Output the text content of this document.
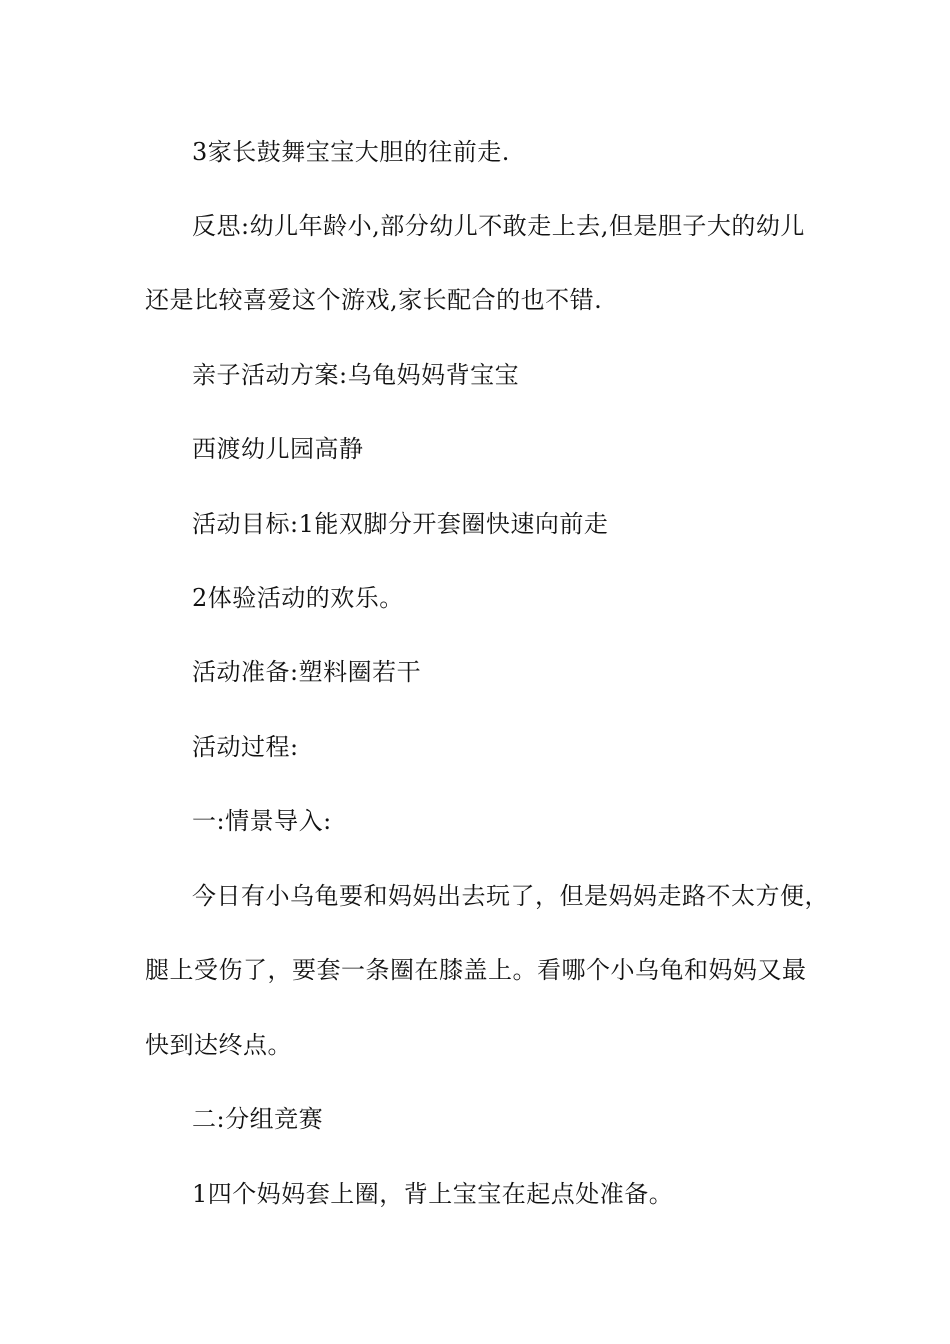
3家长鼓舞宝宝大胆的往前走.
反思:幼儿年龄小,部分幼儿不敢走上去,但是胆子大的幼儿
还是比较喜爱这个游戏,家长配合的也不错.
亲子活动方案:乌龟妈妈背宝宝
西渡幼儿园高静
活动目标:1能双脚分开套圈快速向前走
2体验活动的欢乐。
活动准备:塑料圈若干
活动过程:
一:情景导入:
今日有小乌龟要和妈妈出去玩了，但是妈妈走路不太方便，
腿上受伤了，要套一条圈在膝盖上。看哪个小乌龟和妈妈又最
快到达终点。
二:分组竞赛
1四个妈妈套上圈，背上宝宝在起点处准备。
